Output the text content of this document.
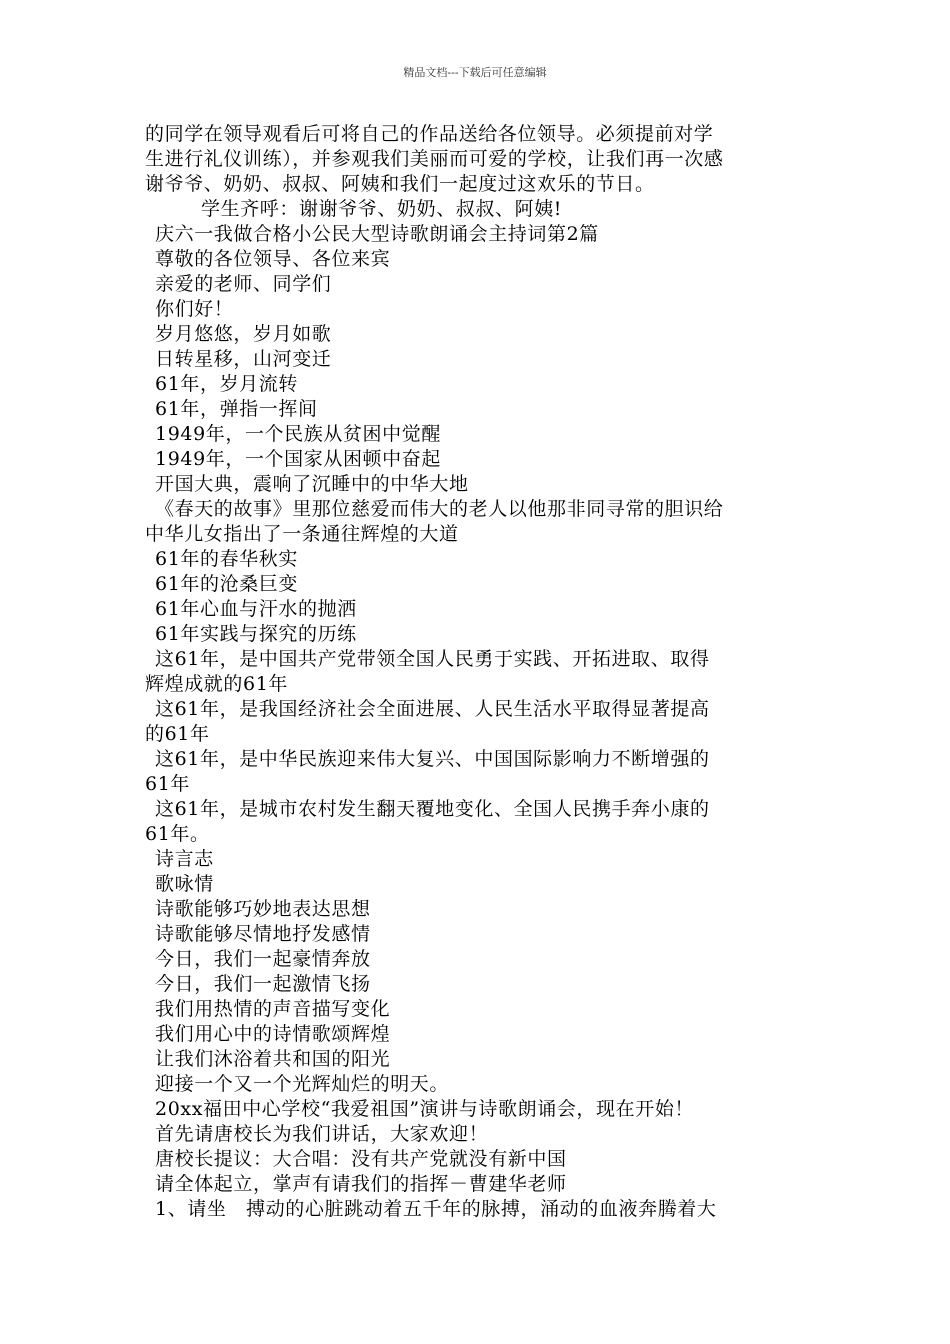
精品文档---下载后可任意编辑
的同学在领导观看后可将自己的作品送给各位领导。必须提前对学
生进行礼仪训练），并参观我们美丽而可爱的学校，让我们再一次感
谢爷爷、奶奶、叔叔、阿姨和我们一起度过这欢乐的节日。
学生齐呼：谢谢爷爷、奶奶、叔叔、阿姨!
庆六一我做合格小公民大型诗歌朗诵会主持词第2篇
尊敬的各位领导、各位来宾
亲爱的老师、同学们
你们好！
岁月悠悠，岁月如歌
日转星移，山河变迁
61年，岁月流转
61年，弹指一挥间
1949年，一个民族从贫困中觉醒
1949年，一个国家从困顿中奋起
开国大典，震响了沉睡中的中华大地
《春天的故事》里那位慈爱而伟大的老人以他那非同寻常的胆识给
中华儿女指出了一条通往辉煌的大道
61年的春华秋实
61年的沧桑巨变
61年心血与汗水的抛洒
61年实践与探究的历练
这61年，是中国共产党带领全国人民勇于实践、开拓进取、取得
辉煌成就的61年
这61年，是我国经济社会全面进展、人民生活水平取得显著提高
的61年
这61年，是中华民族迎来伟大复兴、中国国际影响力不断增强的
61年
这61年，是城市农村发生翻天覆地变化、全国人民携手奔小康的
61年。
诗言志
歌咏情
诗歌能够巧妙地表达思想
诗歌能够尽情地抒发感情
今日，我们一起豪情奔放
今日，我们一起激情飞扬
我们用热情的声音描写变化
我们用心中的诗情歌颂辉煌
让我们沐浴着共和国的阳光
迎接一个又一个光辉灿烂的明天。
20xx福田中心学校“我爱祖国”演讲与诗歌朗诵会，现在开始！
首先请唐校长为我们讲话，大家欢迎！
唐校长提议：大合唱：没有共产党就没有新中国
请全体起立，掌声有请我们的指挥－曹建华老师
1、请坐　搏动的心脏跳动着五千年的脉搏，涌动的血液奔腾着大
